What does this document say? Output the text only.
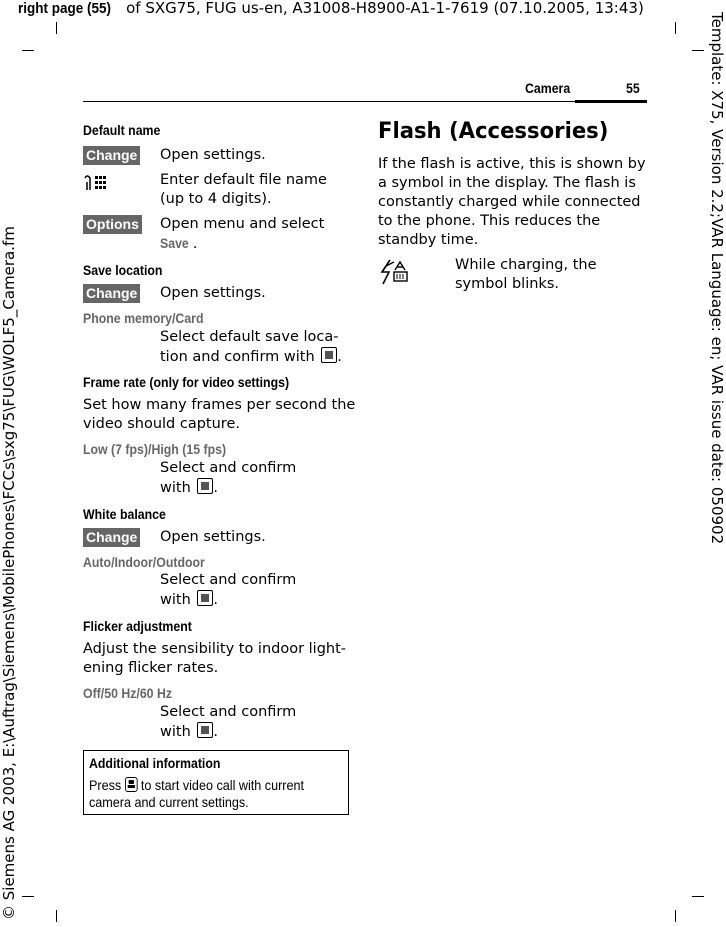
right page (55) of SXG75, FUG us-en, A31008-H8900-A1-1-7619 (07.10.2005, 13:43)
© Siemens AG 2003, E:\Auftrag\Siemens\MobilePhones\FCCs\sxg75\FUG\WOLF5_Camera.fm	Template: X75, Version 2.2;VAR Language: en; VAR issue date: 050902
Camera	55
Default name
Change Open settings.
Enter default file name
(up to 4 digits).
Options Open menu and select
Save .
Save location
Change Open settings.
Phone memory/Card
Select default save loca-
tion and confirm with .
Frame rate (only for video settings)
Set how many frames per second the
video should capture.
Low (7 fps)/High (15 fps)
Select and confirm
with .
White balance
Change Open settings.
Auto/Indoor/Outdoor
Select and confirm
with .
Flicker adjustment
Adjust the sensibility to indoor light-
ening flicker rates.
Off/50 Hz/60 Hz
Select and confirm
with .
Additional information
Press to start video call with current
camera and current settings.
Flash (Accessories)
If the flash is active, this is shown by
a symbol in the display. The flash is
constantly charged while connected
to the phone. This reduces the
standby time.
While charging, the
symbol blinks.
